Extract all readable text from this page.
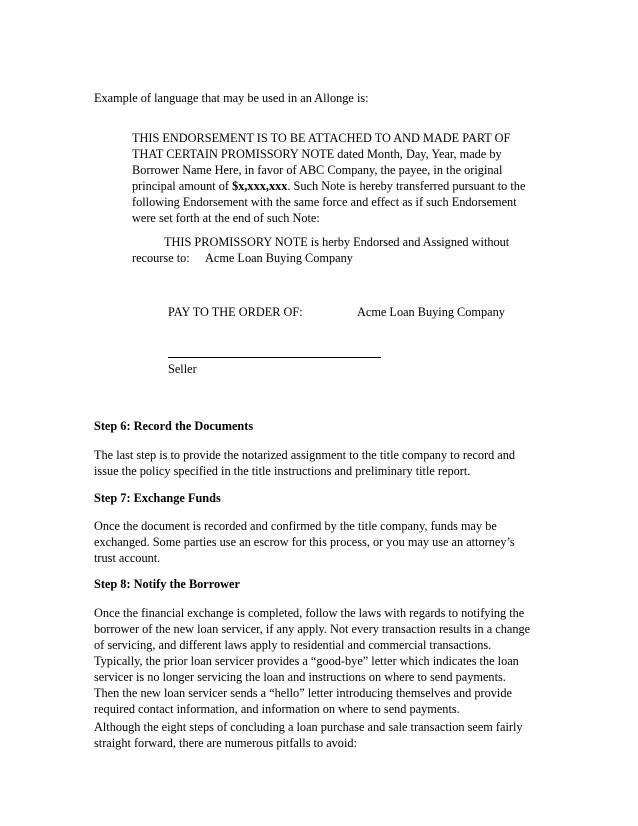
Example of language that may be used in an Allonge is:
THIS ENDORSEMENT IS TO BE ATTACHED TO AND MADE PART OF
THAT CERTAIN PROMISSORY NOTE dated Month, Day, Year, made by
Borrower Name Here, in favor of ABC Company, the payee, in the original
principal amount of $x,xxx,xxx. Such Note is hereby transferred pursuant to the
following Endorsement with the same force and effect as if such Endorsement
were set forth at the end of such Note:
THIS PROMISSORY NOTE is herby Endorsed and Assigned without
recourse to: Acme Loan Buying Company
PAY TO THE ORDER OF:	Acme Loan Buying Company
Seller
Step 6: Record the Documents
The last step is to provide the notarized assignment to the title company to record and
issue the policy specified in the title instructions and preliminary title report.
Step 7: Exchange Funds
Once the document is recorded and confirmed by the title company, funds may be
exchanged. Some parties use an escrow for this process, or you may use an attorney’s
trust account.
Step 8: Notify the Borrower
Once the financial exchange is completed, follow the laws with regards to notifying the
borrower of the new loan servicer, if any apply. Not every transaction results in a change
of servicing, and different laws apply to residential and commercial transactions.
Typically, the prior loan servicer provides a “good-bye” letter which indicates the loan
servicer is no longer servicing the loan and instructions on where to send payments.
Then the new loan servicer sends a “hello” letter introducing themselves and provide
required contact information, and information on where to send payments.
Although the eight steps of concluding a loan purchase and sale transaction seem fairly
straight forward, there are numerous pitfalls to avoid:
